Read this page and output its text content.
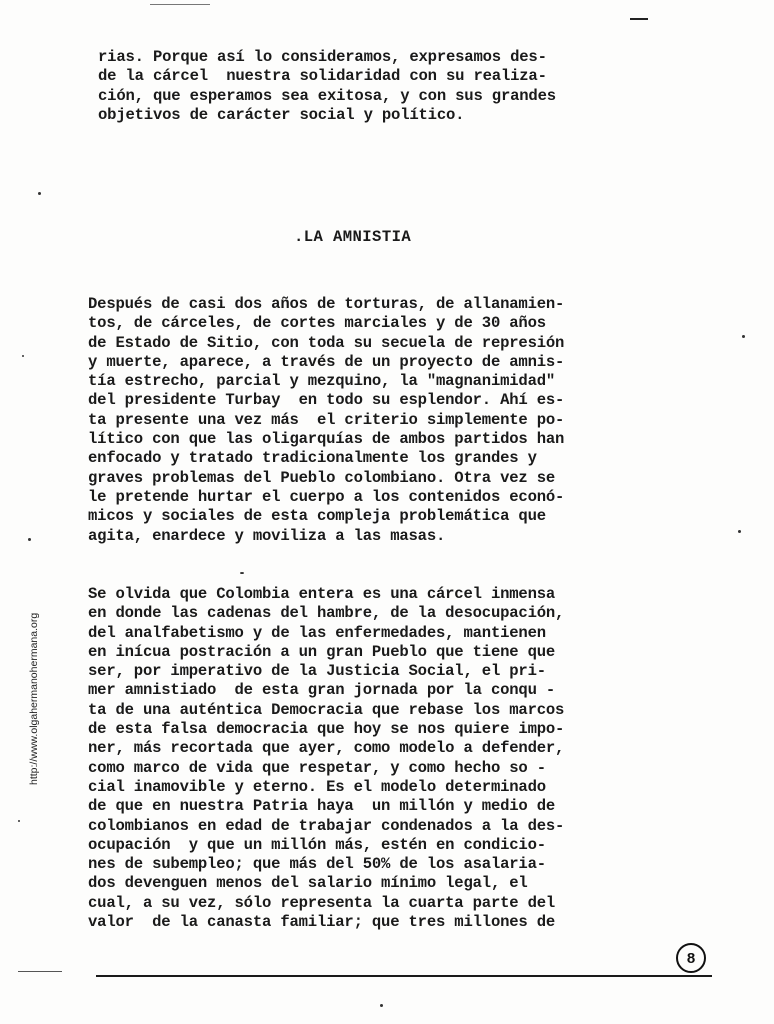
rias. Porque así lo consideramos, expresamos des-
de la cárcel  nuestra solidaridad con su realiza-
ción, que esperamos sea exitosa, y con sus grandes
objetivos de carácter social y político.
.LA AMNISTIA
Después de casi dos años de torturas, de allanamien-
tos, de cárceles, de cortes marciales y de 30 años
de Estado de Sitio, con toda su secuela de represión
y muerte, aparece, a través de un proyecto de amnis-
tía estrecho, parcial y mezquino, la "magnanimidad"
del presidente Turbay  en todo su esplendor. Ahí es-
ta presente una vez más  el criterio simplemente po-
lítico con que las oligarquías de ambos partidos han
enfocado y tratado tradicionalmente los grandes y
graves problemas del Pueblo colombiano. Otra vez se
le pretende hurtar el cuerpo a los contenidos econó-
micos y sociales de esta compleja problemática que
agita, enardece y moviliza a las masas.
Se olvida que Colombia entera es una cárcel inmensa
en donde las cadenas del hambre, de la desocupación,
del analfabetismo y de las enfermedades, mantienen
en inícua postración a un gran Pueblo que tiene que
ser, por imperativo de la Justicia Social, el pri-
mer amnistiado  de esta gran jornada por la conqu -
ta de una auténtica Democracia que rebase los marcos
de esta falsa democracia que hoy se nos quiere impo-
ner, más recortada que ayer, como modelo a defender,
como marco de vida que respetar, y como hecho so -
cial inamovible y eterno. Es el modelo determinado
de que en nuestra Patria haya  un millón y medio de
colombianos en edad de trabajar condenados a la des-
ocupación  y que un millón más, estén en condicio-
nes de subempleo; que más del 50% de los asalaria-
dos devenguen menos del salario mínimo legal, el
cual, a su vez, sólo representa la cuarta parte del
valor  de la canasta familiar; que tres millones de
http://www.olgahermanohermana.org
8
